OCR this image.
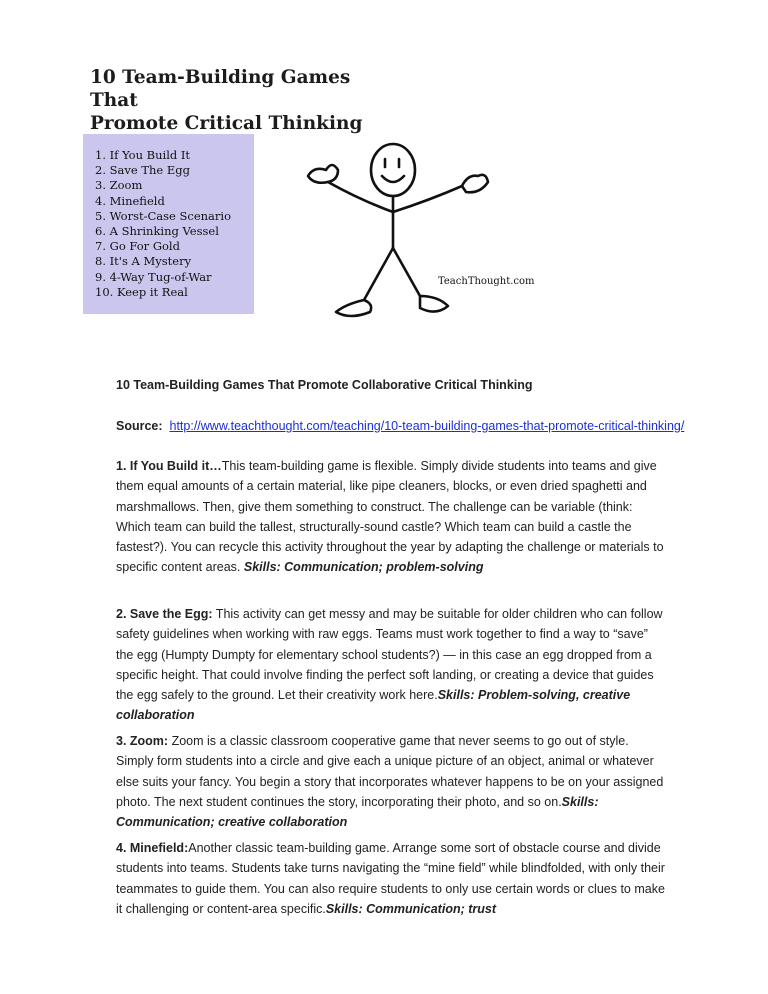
10 Team-Building Games That
Promote Critical Thinking
1. If You Build It
2. Save The Egg
3. Zoom
4. Minefield
5. Worst-Case Scenario
6. A Shrinking Vessel
7. Go For Gold
8. It's A Mystery
9. 4-Way Tug-of-War
10. Keep it Real
TeachThought.com
10 Team-Building Games That Promote Collaborative Critical Thinking
Source: http://www.teachthought.com/teaching/10-team-building-games-that-promote-critical-thinking/

1. If You Build it…This team-building game is flexible. Simply divide students into teams and give them equal amounts of a certain material, like pipe cleaners, blocks, or even dried spaghetti and marshmallows. Then, give them something to construct. The challenge can be variable (think: Which team can build the tallest, structurally-sound castle? Which team can build a castle the fastest?). You can recycle this activity throughout the year by adapting the challenge or materials to specific content areas. Skills: Communication; problem-solving

2. Save the Egg: This activity can get messy and may be suitable for older children who can follow safety guidelines when working with raw eggs. Teams must work together to find a way to “save” the egg (Humpty Dumpty for elementary school students?) — in this case an egg dropped from a specific height. That could involve finding the perfect soft landing, or creating a device that guides the egg safely to the ground. Let their creativity work here.Skills: Problem-solving, creative collaboration

3. Zoom: Zoom is a classic classroom cooperative game that never seems to go out of style. Simply form students into a circle and give each a unique picture of an object, animal or whatever else suits your fancy. You begin a story that incorporates whatever happens to be on your assigned photo. The next student continues the story, incorporating their photo, and so on.Skills: Communication; creative collaboration

4. Minefield:Another classic team-building game. Arrange some sort of obstacle course and divide students into teams. Students take turns navigating the “mine field” while blindfolded, with only their teammates to guide them. You can also require students to only use certain words or clues to make it challenging or content-area specific.Skills: Communication; trust
